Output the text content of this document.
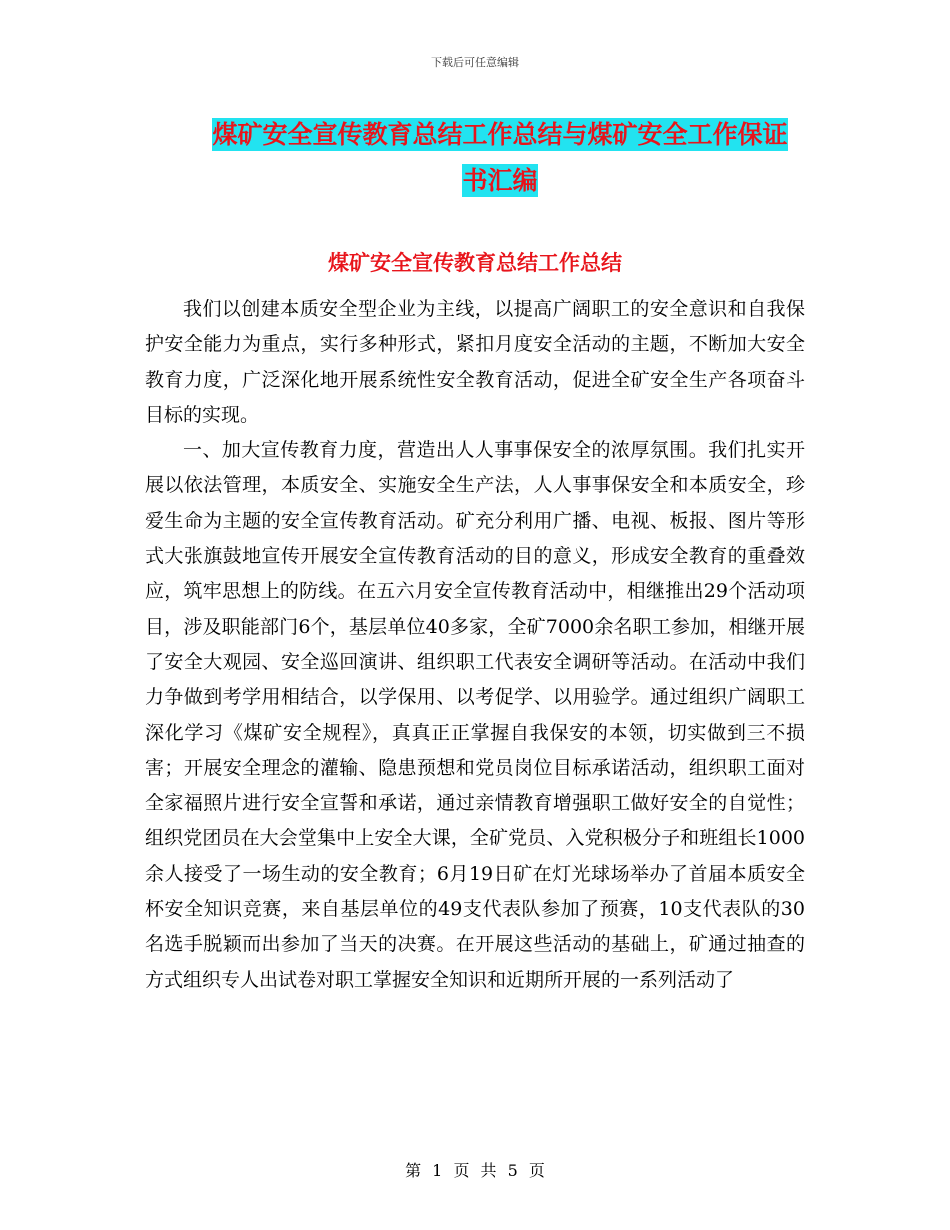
下载后可任意编辑
煤矿安全宣传教育总结工作总结与煤矿安全工作保证
书汇编
煤矿安全宣传教育总结工作总结

我们以创建本质安全型企业为主线，以提高广阔职工的安全意识和自我保护安全能力为重点，实行多种形式，紧扣月度安全活动的主题，不断加大安全教育力度，广泛深化地开展系统性安全教育活动，促进全矿安全生产各项奋斗目标的实现。

一、加大宣传教育力度，营造出人人事事保安全的浓厚氛围。我们扎实开展以依法管理，本质安全、实施安全生产法，人人事事保安全和本质安全，珍爱生命为主题的安全宣传教育活动。矿充分利用广播、电视、板报、图片等形式大张旗鼓地宣传开展安全宣传教育活动的目的意义，形成安全教育的重叠效应，筑牢思想上的防线。在五六月安全宣传教育活动中，相继推出29个活动项目，涉及职能部门6个，基层单位40多家，全矿7000余名职工参加，相继开展了安全大观园、安全巡回演讲、组织职工代表安全调研等活动。在活动中我们力争做到考学用相结合，以学保用、以考促学、以用验学。通过组织广阔职工深化学习《煤矿安全规程》，真真正正掌握自我保安的本领，切实做到三不损害；开展安全理念的灌输、隐患预想和党员岗位目标承诺活动，组织职工面对全家福照片进行安全宣誓和承诺，通过亲情教育增强职工做好安全的自觉性；组织党团员在大会堂集中上安全大课，全矿党员、入党积极分子和班组长1000余人接受了一场生动的安全教育；6月19日矿在灯光球场举办了首届本质安全杯安全知识竞赛，来自基层单位的49支代表队参加了预赛，10支代表队的30名选手脱颖而出参加了当天的决赛。在开展这些活动的基础上，矿通过抽查的方式组织专人出试卷对职工掌握安全知识和近期所开展的一系列活动了

第 1 页 共 5 页
